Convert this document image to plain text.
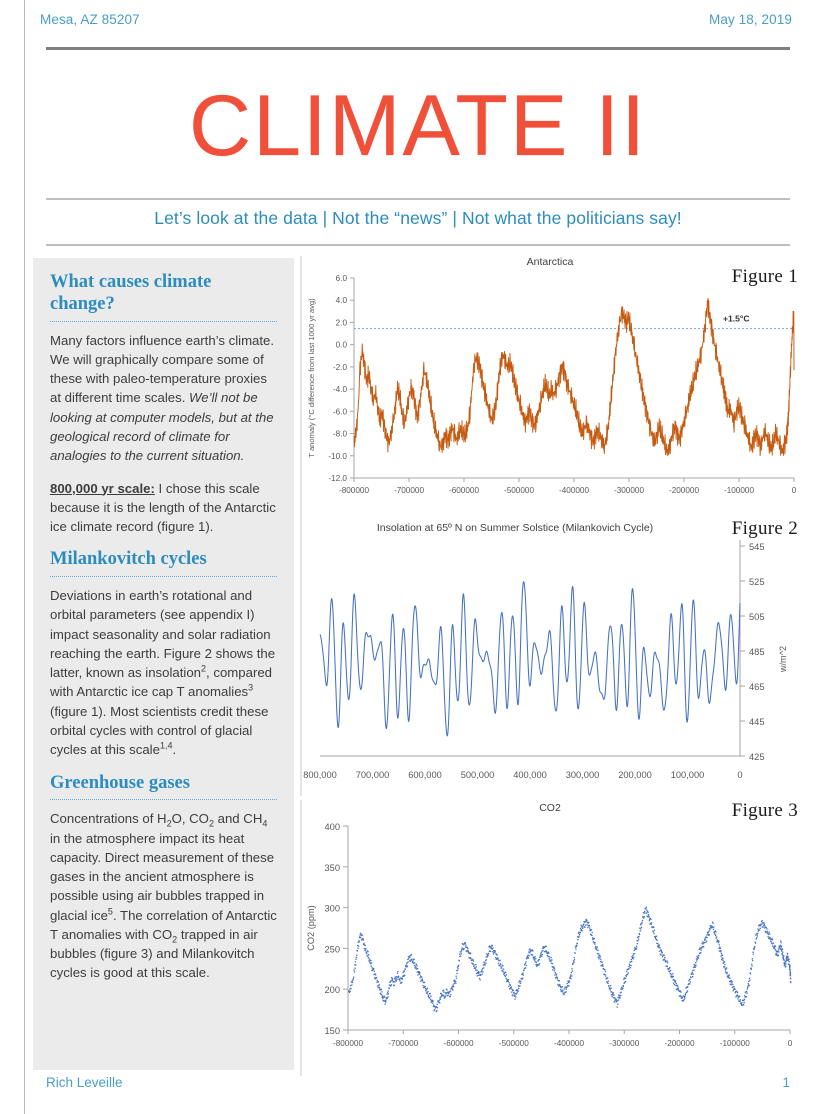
Mesa, AZ 85207	May 18, 2019
CLIMATE II
Let’s look at the data | Not the “news” | Not what the politicians say!
What causes climate change?

Many factors influence earth’s climate. We will graphically compare some of these with paleo-temperature proxies at different time scales. We’ll not be looking at computer models, but at the geological record of climate for analogies to the current situation.

800,000 yr scale: I chose this scale because it is the length of the Antarctic ice climate record (figure 1).

Milankovitch cycles

Deviations in earth’s rotational and orbital parameters (see appendix I) impact seasonality and solar radiation reaching the earth. Figure 2 shows the latter, known as insolation$^2$, compared with Antarctic ice cap T anomalies$^3$ (figure 1). Most scientists credit these orbital cycles with control of glacial cycles at this scale$^{1,4}$.

Greenhouse gases

Concentrations of $H_2O$, $CO_2$ and $CH_4$ in the atmosphere impact its heat capacity. Direct measurement of these gases in the ancient atmosphere is possible using air bubbles trapped in glacial ice$^5$. The correlation of Antarctic T anomalies with $CO_2$ trapped in air bubbles (figure 3) and Milankovitch cycles is good at this scale.

Antarctica
Figure 1
-12.0
-10.0
-8.0
-6.0
-4.0
-2.0
0.0
2.0
4.0
6.0
-800000	-700000	-600000	-500000	-400000	-300000	-200000	-100000	0
+1.5°C
T anomaly (°C difference from last 1000 yr avg)
Insolation at 65º N on Summer Solstice (Milankovich Cycle)	Figure 2
425
445
465
485
505
525
545
800,000 700,000 600,000 500,000 400,000 300,000 200,000 100,000	0
w/m^2
CO2	Figure 3
150
200
250
300
350
400
-800000	-700000	-600000	-500000	-400000	-300000	-200000	-100000	0
CO2 (ppm)
Rich Leveille	1
